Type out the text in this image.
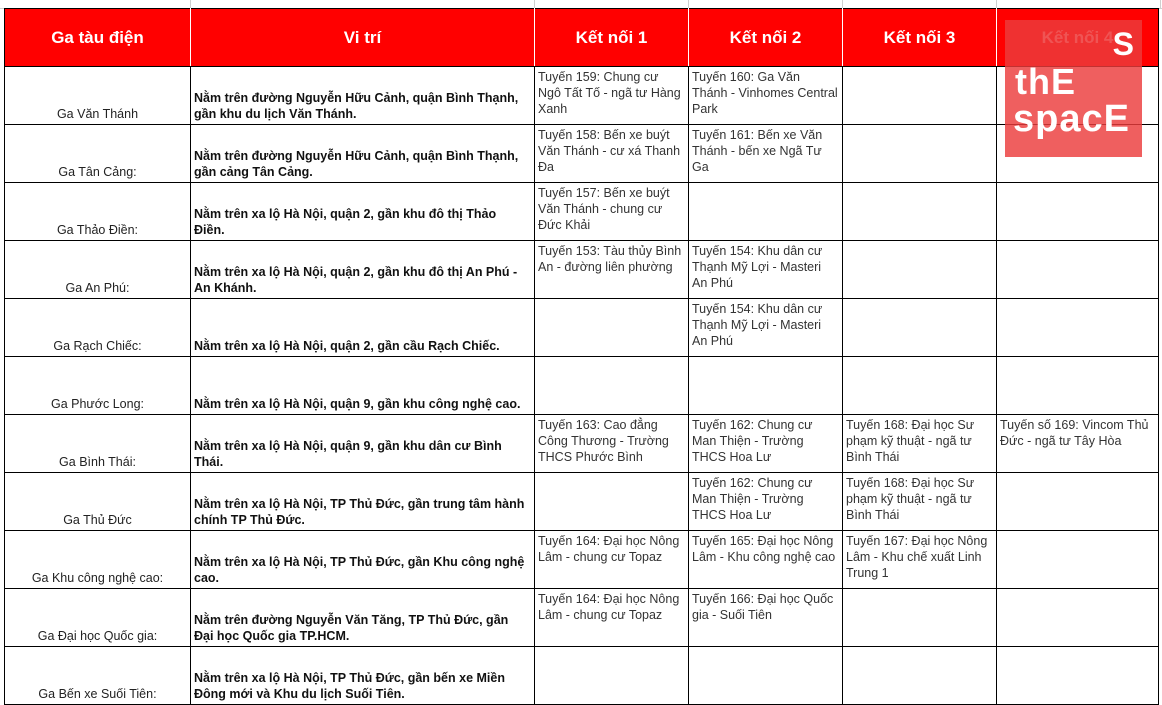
Ga tàu điện	Vi trí	Kết nối 1	Kết nối 2	Kết nối 3	
Ga Văn Thánh	Nằm trên đường Nguyễn Hữu Cảnh, quận Bình Thạnh, gần khu du lịch Văn Thánh.	Tuyến 159: Chung cư Ngô Tất Tố - ngã tư Hàng Xanh	Tuyến 160: Ga Văn Thánh - Vinhomes Central Park		

Ga Tân Cảng:	Nằm trên đường Nguyễn Hữu Cảnh, quận Bình Thạnh, gần cảng Tân Cảng.	Tuyến 158: Bến xe buýt Văn Thánh - cư xá Thanh Đa	Tuyến 161: Bến xe Văn Thánh - bến xe Ngã Tư Ga		

Ga Thảo Điền:	Nằm trên xa lộ Hà Nội, quận 2, gần khu đô thị Thảo Điền.	Tuyến 157: Bến xe buýt Văn Thánh - chung cư Đức Khải			

Ga An Phú:	Nằm trên xa lộ Hà Nội, quận 2, gần khu đô thị An Phú - An Khánh.	Tuyến 153: Tàu thủy Bình An - đường liên phường	Tuyến 154: Khu dân cư Thạnh Mỹ Lợi - Masteri An Phú		

Ga Rạch Chiếc:	Nằm trên xa lộ Hà Nội, quận 2, gần cầu Rạch Chiếc.		Tuyến 154: Khu dân cư Thạnh Mỹ Lợi - Masteri An Phú		

Ga Phước Long:	Nằm trên xa lộ Hà Nội, quận 9, gần khu công nghệ cao.	

Ga Bình Thái:	Nằm trên xa lộ Hà Nội, quận 9, gần khu dân cư Bình Thái.	Tuyến 163: Cao đẳng Công Thương - Trường THCS Phước Bình	Tuyến 162: Chung cư Man Thiện - Trường THCS Hoa Lư	Tuyến 168: Đại học Sư phạm kỹ thuật - ngã tư Bình Thái	Tuyến số 169: Vincom Thủ Đức - ngã tư Tây Hòa

Ga Thủ Đức	Nằm trên xa lộ Hà Nội, TP Thủ Đức, gần trung tâm hành chính TP Thủ Đức.		Tuyến 162: Chung cư Man Thiện - Trường THCS Hoa Lư	Tuyến 168: Đại học Sư phạm kỹ thuật - ngã tư Bình Thái	

Ga Khu công nghệ cao:	Nằm trên xa lộ Hà Nội, TP Thủ Đức, gần Khu công nghệ cao.	Tuyến 164: Đại học Nông Lâm - chung cư Topaz	Tuyến 165: Đại học Nông Lâm - Khu công nghệ cao	Tuyến 167: Đại học Nông Lâm - Khu chế xuất Linh Trung 1	

Ga Đại học Quốc gia:	Nằm trên đường Nguyễn Văn Tăng, TP Thủ Đức, gần Đại học Quốc gia TP.HCM.	Tuyến 164: Đại học Nông Lâm - chung cư Topaz	Tuyến 166: Đại học Quốc gia - Suối Tiên		

Ga Bến xe Suối Tiên:	Nằm trên xa lộ Hà Nội, TP Thủ Đức, gần bến xe Miền Đông mới và Khu du lịch Suối Tiên.	

S
thE
spacE
